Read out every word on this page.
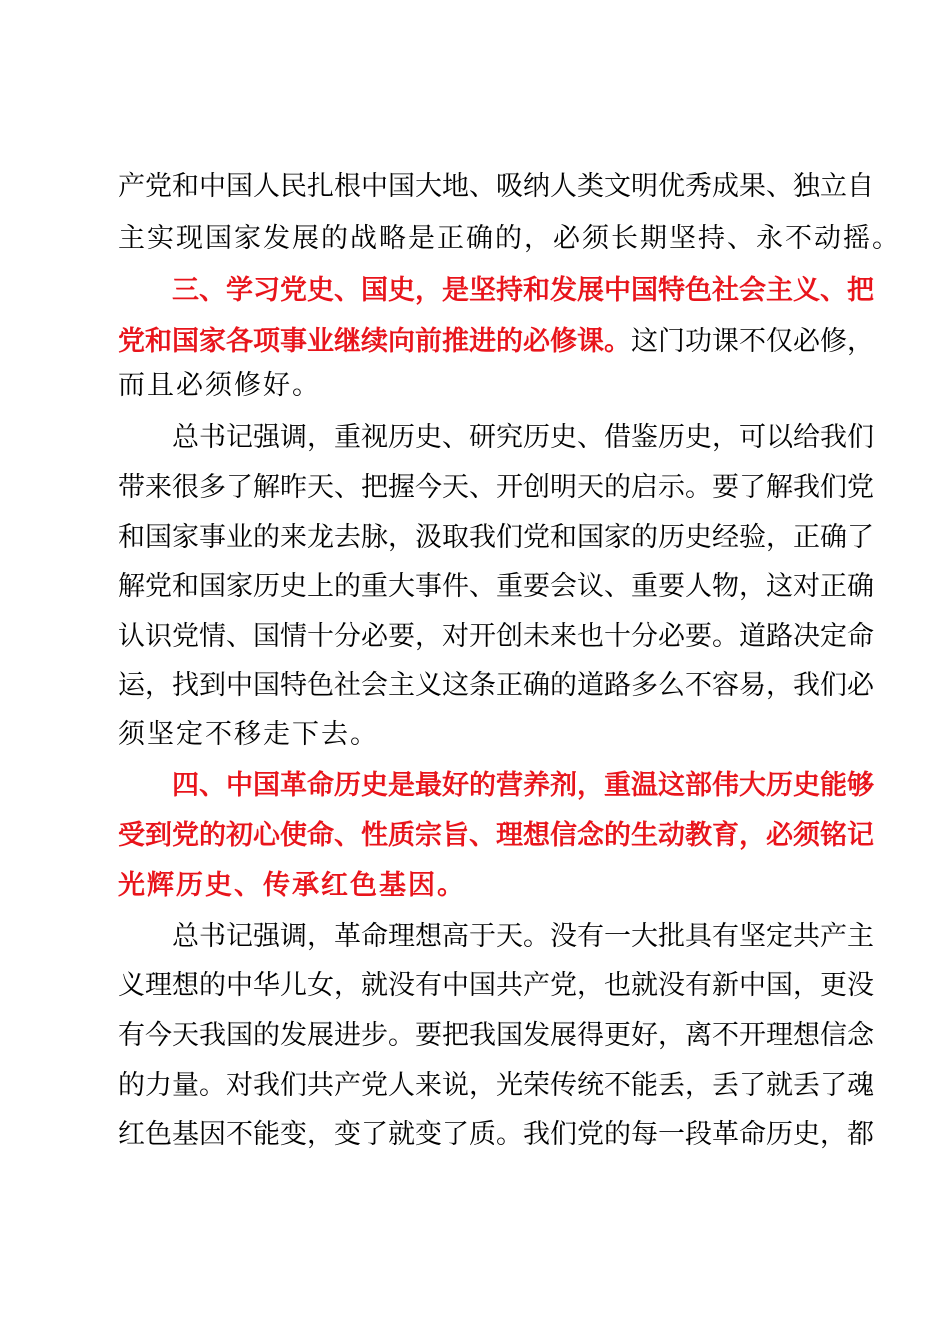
产党和中国人民扎根中国大地、吸纳人类文明优秀成果、独立自
主实现国家发展的战略是正确的，必须长期坚持、永不动摇。
三、学习党史、国史，是坚持和发展中国特色社会主义、把
党和国家各项事业继续向前推进的必修课。这门功课不仅必修，
而且必须修好。
总书记强调，重视历史、研究历史、借鉴历史，可以给我们
带来很多了解昨天、把握今天、开创明天的启示。要了解我们党
和国家事业的来龙去脉，汲取我们党和国家的历史经验，正确了
解党和国家历史上的重大事件、重要会议、重要人物，这对正确
认识党情、国情十分必要，对开创未来也十分必要。道路决定命
运，找到中国特色社会主义这条正确的道路多么不容易，我们必
须坚定不移走下去。
四、中国革命历史是最好的营养剂，重温这部伟大历史能够
受到党的初心使命、性质宗旨、理想信念的生动教育，必须铭记
光辉历史、传承红色基因。
总书记强调，革命理想高于天。没有一大批具有坚定共产主
义理想的中华儿女，就没有中国共产党，也就没有新中国，更没
有今天我国的发展进步。要把我国发展得更好，离不开理想信念
的力量。对我们共产党人来说，光荣传统不能丢，丢了就丢了魂
红色基因不能变，变了就变了质。我们党的每一段革命历史，都
